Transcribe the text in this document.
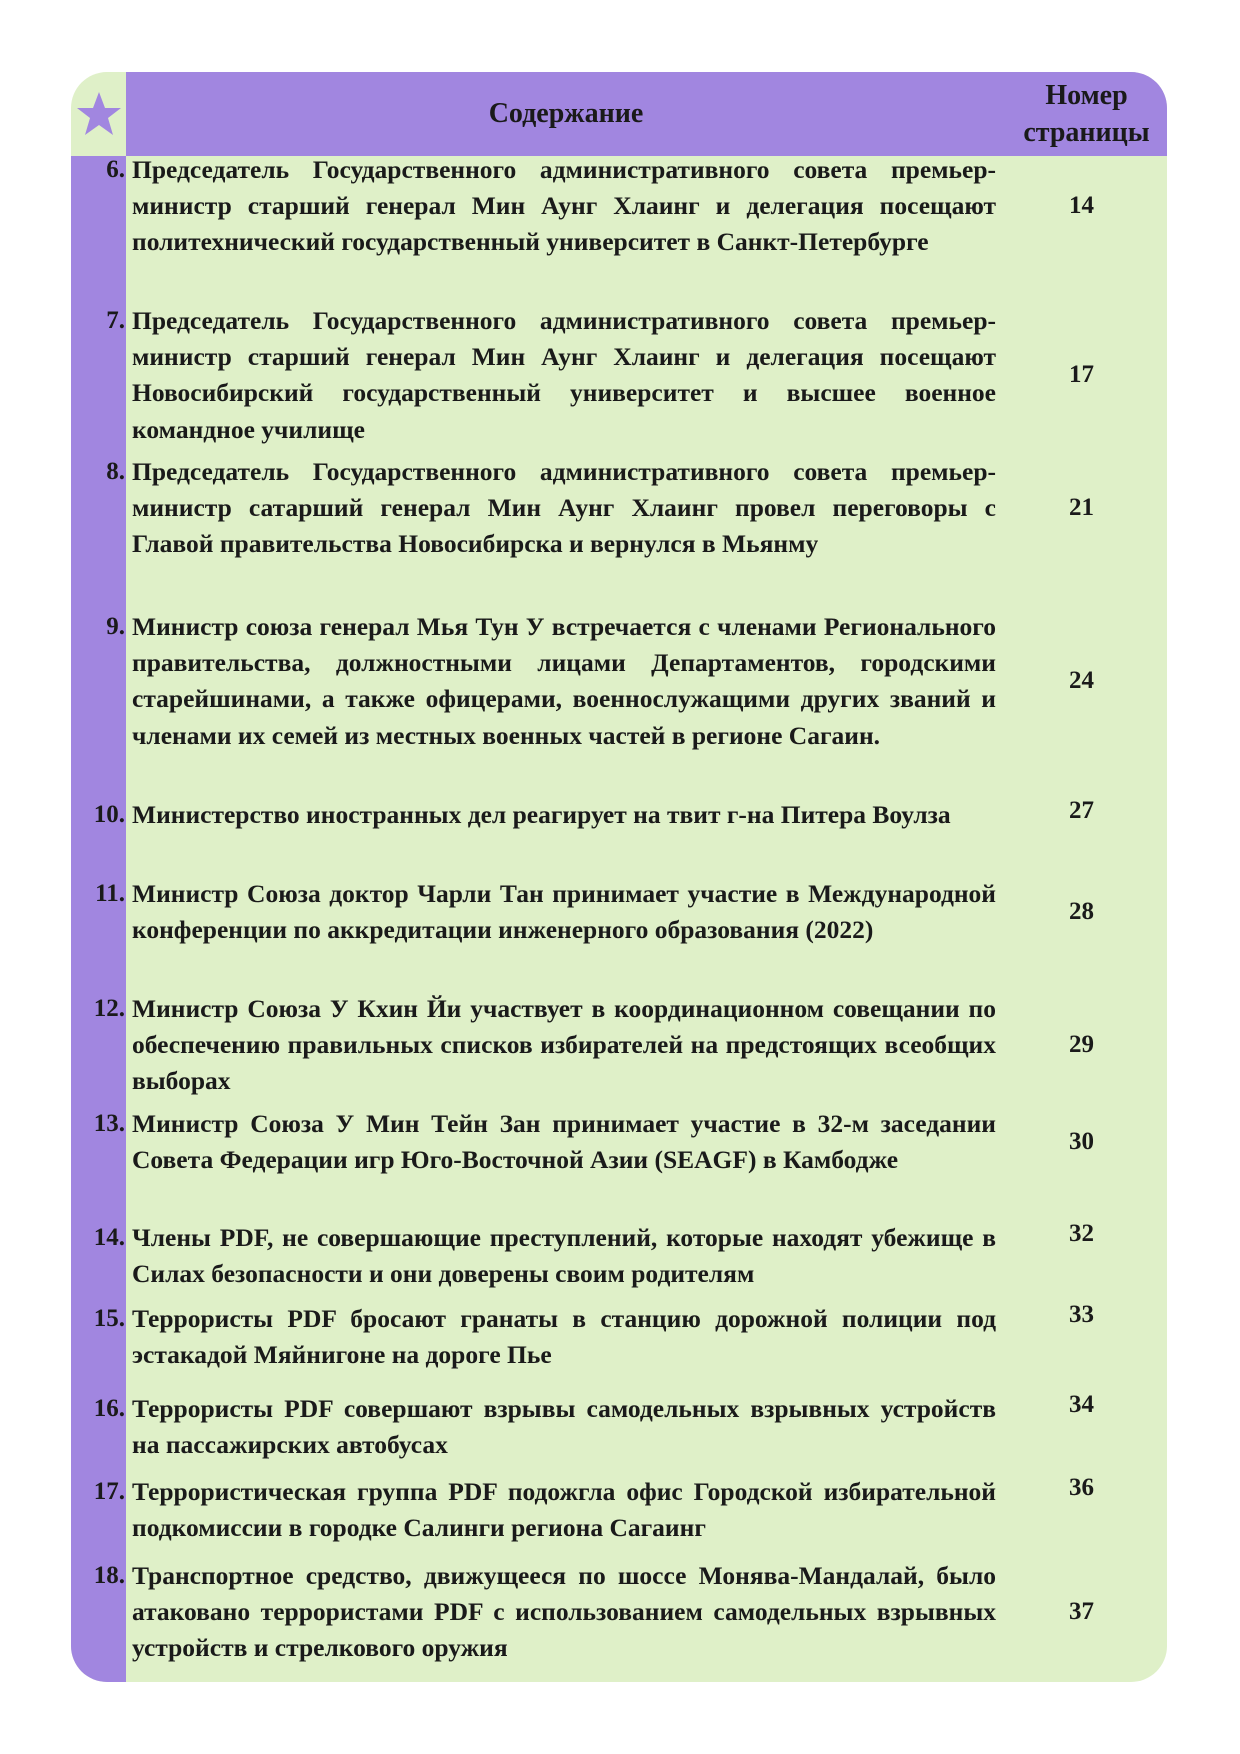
Содержание
Номер
страницы
6. Председатель Государственного административного совета премьер-министр старший генерал Мин Аунг Хлаинг и делегация посещают политехнический государственный университет в Санкт-Петербурге
14
7. Председатель Государственного административного совета премьер-министр старший генерал Мин Аунг Хлаинг и делегация посещают Новосибирский государственный университет и высшее военное командное училище
17
8. Председатель Государственного административного совета премьер-министр сатарший генерал Мин Аунг Хлаинг провел переговоры с Главой правительства Новосибирска и вернулся в Мьянму
21
9. Министр союза генерал Мья Тун У встречается с членами Регионального правительства, должностными лицами Департаментов, городскими старейшинами, а также офицерами, военнослужащими других званий и членами их семей из местных военных частей в регионе Сагаин.
24
10. Министерство иностранных дел реагирует на твит г-на Питера Воулза	27
11. Министр Союза доктор Чарли Тан принимает участие в Международной конференции по аккредитации инженерного образования (2022)
28
12. Министр Союза У Кхин Йи участвует в координационном совещании по обеспечению правильных списков избирателей на предстоящих всеобщих выборах
29
13. Министр Союза У Мин Тейн Зан принимает участие в 32-м заседании Совета Федерации игр Юго-Восточной Азии (SEAGF) в Камбодже
30
14. Члены PDF, не совершающие преступлений, которые находят убежище в Силах безопасности и они доверены своим родителям
32
15. Террористы PDF бросают гранаты в станцию дорожной полиции под эстакадой Мяйнигоне на дороге Пье
33
16. Террористы PDF совершают взрывы самодельных взрывных устройств на пассажирских автобусах
34
17. Террористическая группа PDF подожгла офис Городской избирательной подкомиссии в городке Салинги региона Сагаинг
36
18. Транспортное средство, движущееся по шоссе Монява-Мандалай, было атаковано террористами PDF с использованием самодельных взрывных устройств и стрелкового оружия
37
